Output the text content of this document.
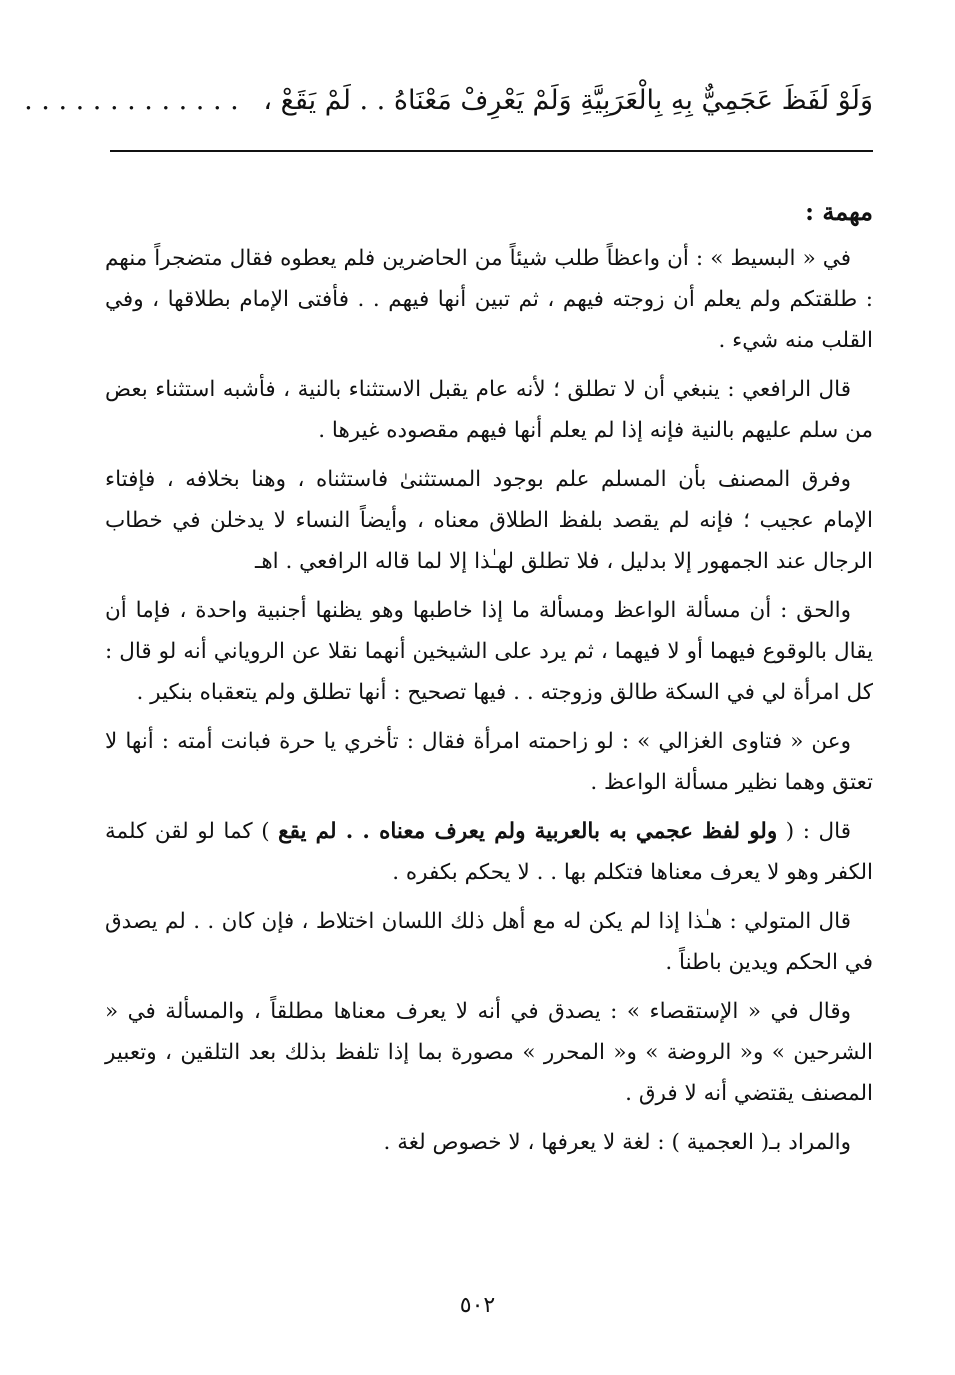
وَلَوْ لَفَظَ عَجَمِيٌّ بِهِ بِالْعَرَبِيَّةِ وَلَمْ يَعْرِفْ مَعْنَاهُ . . لَمْ يَقَعْ ، . . . . . . . . . . . . .
مهمة :

في « البسيط » : أن واعظاً طلب شيئاً من الحاضرين فلم يعطوه فقال متضجراً منهم : طلقتكم ولم يعلم أن زوجته فيهم ، ثم تبين أنها فيهم . . فأفتى الإمام بطلاقها ، وفي القلب منه شيء .

قال الرافعي : ينبغي أن لا تطلق ؛ لأنه عام يقبل الاستثناء بالنية ، فأشبه استثناء بعض من سلم عليهم بالنية فإنه إذا لم يعلم أنها فيهم مقصوده غيرها .

وفرق المصنف بأن المسلم علم بوجود المستثنىٰ فاستثناه ، وهنا بخلافه ، فإفتاء الإمام عجيب ؛ فإنه لم يقصد بلفظ الطلاق معناه ، وأيضاً النساء لا يدخلن في خطاب الرجال عند الجمهور إلا بدليل ، فلا تطلق لهـٰذا إلا لما قاله الرافعي . اهـ

والحق : أن مسألة الواعظ ومسألة ما إذا خاطبها وهو يظنها أجنبية واحدة ، فإما أن يقال بالوقوع فيهما أو لا فيهما ، ثم يرد على الشيخين أنهما نقلا عن الروياني أنه لو قال : كل امرأة لي في السكة طالق وزوجته . . فيها تصحيح : أنها تطلق ولم يتعقباه بنكير .

وعن « فتاوى الغزالي » : لو زاحمته امرأة فقال : تأخري يا حرة فبانت أمته : أنها لا تعتق وهما نظير مسألة الواعظ .

قال : ( ولو لفظ عجمي به بالعربية ولم يعرف معناه . . لم يقع ) كما لو لقن كلمة الكفر وهو لا يعرف معناها فتكلم بها . . لا يحكم بكفره .

قال المتولي : هـٰذا إذا لم يكن له مع أهل ذلك اللسان اختلاط ، فإن كان . . لم يصدق في الحكم ويدين باطناً .

وقال في « الإستقصاء » : يصدق في أنه لا يعرف معناها مطلقاً ، والمسألة في « الشرحين » و« الروضة » و« المحرر » مصورة بما إذا تلفظ بذلك بعد التلقين ، وتعبير المصنف يقتضي أنه لا فرق .

والمراد بـ( العجمية ) : لغة لا يعرفها ، لا خصوص لغة .

٥٠٢
